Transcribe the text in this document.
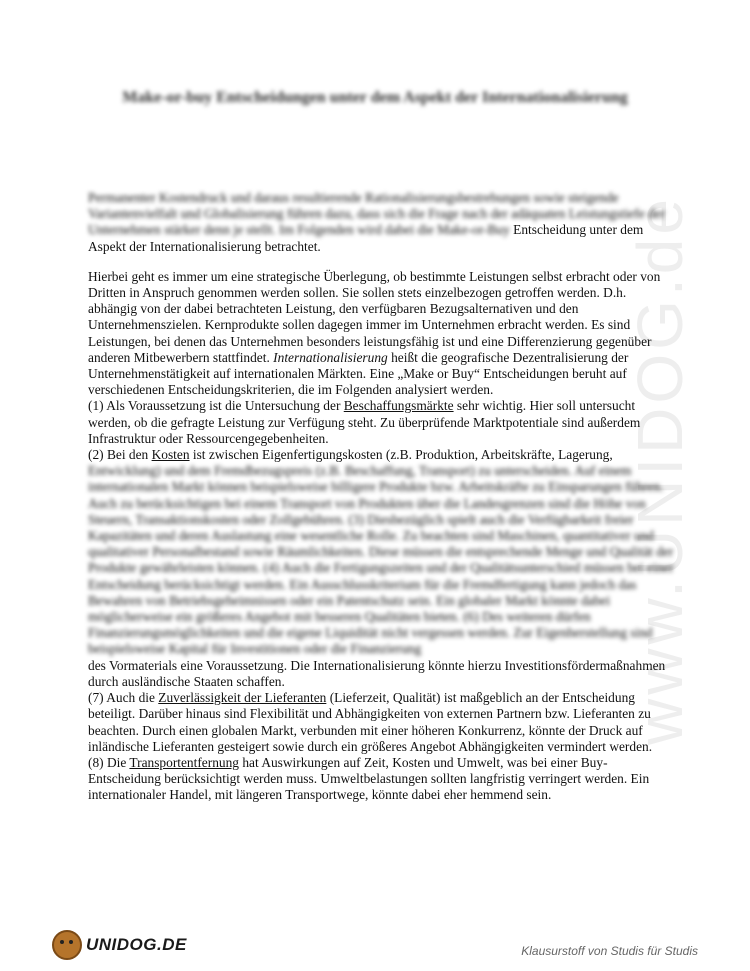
www.UNIDOG.de
Make-or-buy Entscheidungen unter dem Aspekt der Internationalisierung

Permanenter Kostendruck und daraus resultierende Rationalisierungsbestrebungen sowie steigende Variantenvielfalt und Globalisierung führen dazu, dass sich die Frage nach der adäquaten Leistungstiefe der Unternehmen stärker denn je stellt. Im Folgenden wird dabei die Make-or-Buy Entscheidung unter dem Aspekt der Internationalisierung betrachtet.

Hierbei geht es immer um eine strategische Überlegung, ob bestimmte Leistungen selbst erbracht oder von Dritten in Anspruch genommen werden sollen. Sie sollen stets einzelbezogen getroffen werden. D.h. abhängig von der dabei betrachteten Leistung, den verfügbaren Bezugsalternativen und den Unternehmenszielen. Kernprodukte sollen dagegen immer im Unternehmen erbracht werden. Es sind Leistungen, bei denen das Unternehmen besonders leistungsfähig ist und eine Differenzierung gegenüber anderen Mitbewerbern stattfindet. Internationalisierung heißt die geografische Dezentralisierung der Unternehmenstätigkeit auf internationalen Märkten. Eine „Make or Buy“ Entscheidungen beruht auf verschiedenen Entscheidungskriterien, die im Folgenden analysiert werden.

(1) Als Voraussetzung ist die Untersuchung der Beschaffungsmärkte sehr wichtig. Hier soll untersucht werden, ob die gefragte Leistung zur Verfügung steht. Zu überprüfende Marktpotentiale sind außerdem Infrastruktur oder Ressourcengegebenheiten.

(2) Bei den Kosten ist zwischen Eigenfertigungskosten (z.B. Produktion, Arbeitskräfte, Lagerung,

Entwicklung) und dem Fremdbezugspreis (z.B. Beschaffung, Transport) zu unterscheiden. Auf einem internationalen Markt können beispielsweise billigere Produkte bzw. Arbeitskräfte zu Einsparungen führen. Auch zu berücksichtigen bei einem Transport von Produkten über die Landesgrenzen sind die Höhe von Steuern, Transaktionskosten oder Zollgebühren. (3) Diesbezüglich spielt auch die Verfügbarkeit freier Kapazitäten und deren Auslastung eine wesentliche Rolle. Zu beachten sind Maschinen, quantitativer und qualitativer Personalbestand sowie Räumlichkeiten. Diese müssen die entsprechende Menge und Qualität der Produkte gewährleisten können. (4) Auch die Fertigungszeiten und der Qualitätsunterschied müssen bei einer Entscheidung berücksichtigt werden. Ein Ausschlusskriterium für die Fremdfertigung kann jedoch das Bewahren von Betriebsgeheimnissen oder ein Patentschutz sein. Ein globaler Markt könnte dabei möglicherweise ein größeres Angebot mit besseren Qualitäten bieten. (6) Des weiteren dürfen Finanzierungsmöglichkeiten und die eigene Liquidität nicht vergessen werden. Zur Eigenherstellung sind beispielsweise Kapital für Investitionen oder die Finanzierung

des Vormaterials eine Voraussetzung. Die Internationalisierung könnte hierzu Investitionsfördermaßnahmen durch ausländische Staaten schaffen.

(7) Auch die Zuverlässigkeit der Lieferanten (Lieferzeit, Qualität) ist maßgeblich an der Entscheidung beteiligt. Darüber hinaus sind Flexibilität und Abhängigkeiten von externen Partnern bzw. Lieferanten zu beachten. Durch einen globalen Markt, verbunden mit einer höheren Konkurrenz, könnte der Druck auf inländische Lieferanten gesteigert sowie durch ein größeres Angebot Abhängigkeiten vermindert werden.

(8) Die Transportentfernung hat Auswirkungen auf Zeit, Kosten und Umwelt, was bei einer Buy-Entscheidung berücksichtigt werden muss. Umweltbelastungen sollten langfristig verringert werden. Ein internationaler Handel, mit längeren Transportwege, könnte dabei eher hemmend sein.

UNIDOG.DE	Klausurstoff von Studis für Studis
